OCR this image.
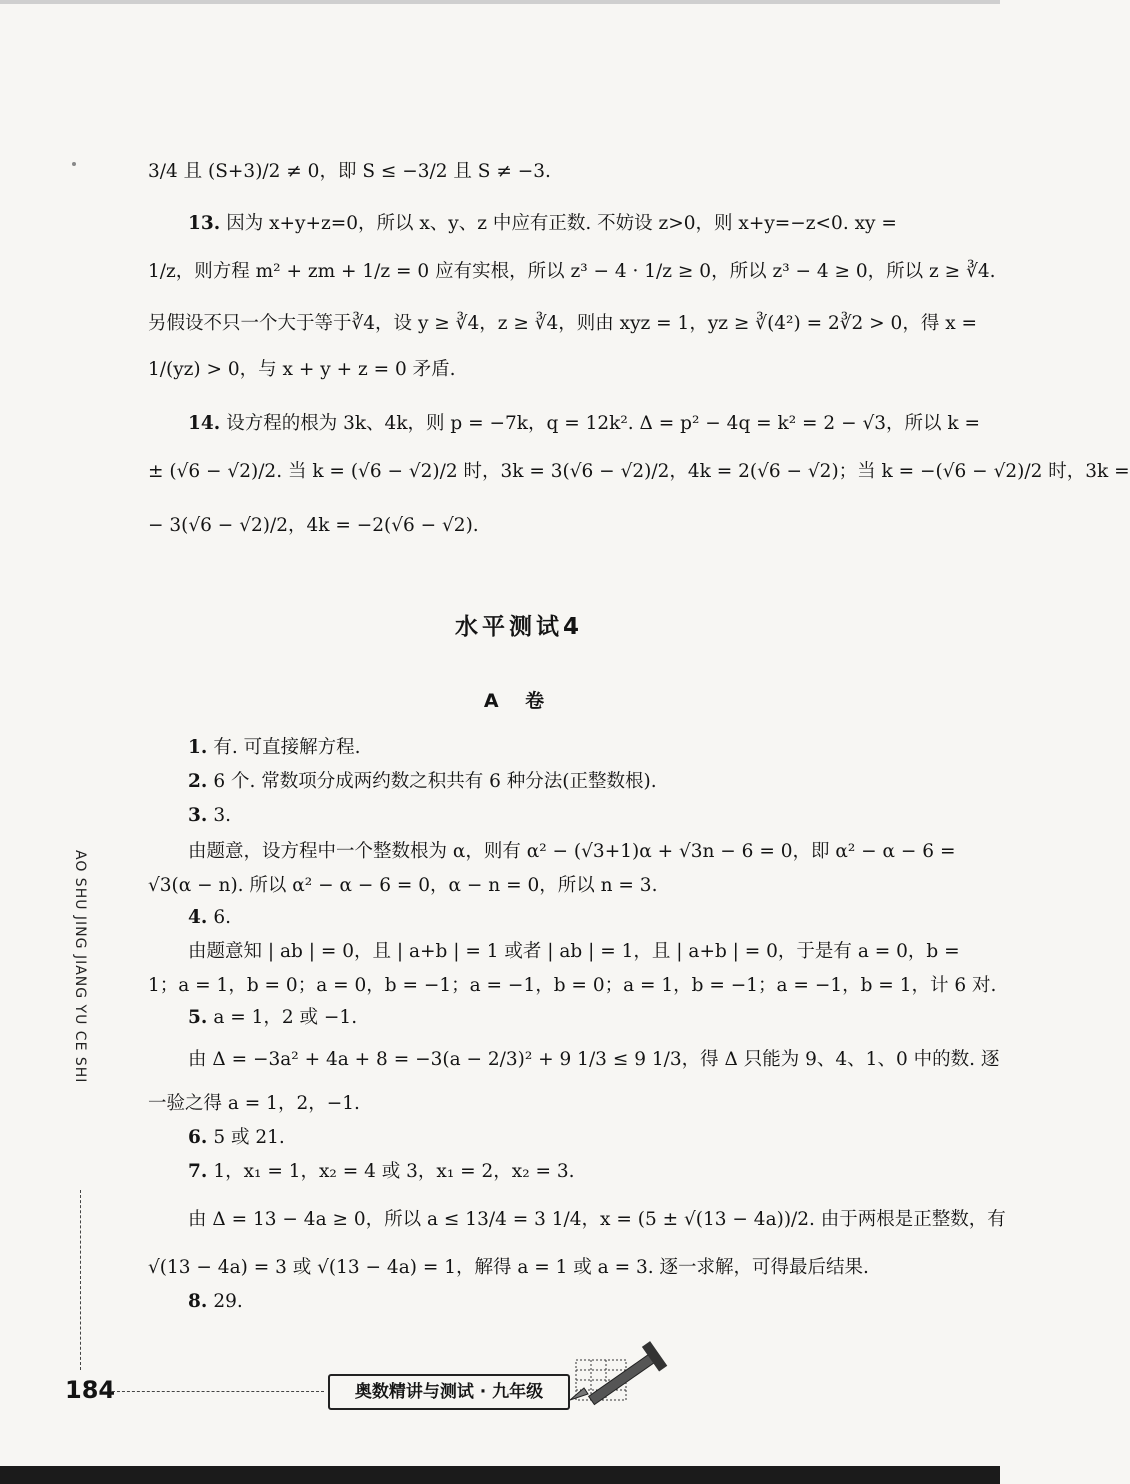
3/4 且 (S+3)/2 ≠ 0，即 S ≤ −3/2 且 S ≠ −3.
13. 因为 x+y+z=0，所以 x、y、z 中应有正数. 不妨设 z>0，则 x+y=−z<0. xy =
1/z，则方程 m² + zm + 1/z = 0 应有实根，所以 z³ − 4 · 1/z ≥ 0，所以 z³ − 4 ≥ 0，所以 z ≥ ∛4.
另假设不只一个大于等于∛4，设 y ≥ ∛4，z ≥ ∛4，则由 xyz = 1，yz ≥ ∛(4²) = 2∛2 > 0，得 x =
1/(yz) > 0，与 x + y + z = 0 矛盾.
14. 设方程的根为 3k、4k，则 p = −7k，q = 12k². Δ = p² − 4q = k² = 2 − √3，所以 k =
± (√6 − √2)/2. 当 k = (√6 − √2)/2 时，3k = 3(√6 − √2)/2，4k = 2(√6 − √2)；当 k = −(√6 − √2)/2 时，3k =
− 3(√6 − √2)/2，4k = −2(√6 − √2).
水平测试4
A 卷
1. 有. 可直接解方程.
2. 6 个. 常数项分成两约数之积共有 6 种分法(正整数根).
3. 3.
由题意，设方程中一个整数根为 α，则有 α² − (√3+1)α + √3n − 6 = 0，即 α² − α − 6 =
√3(α − n). 所以 α² − α − 6 = 0，α − n = 0，所以 n = 3.
4. 6.
由题意知 | ab | = 0，且 | a+b | = 1 或者 | ab | = 1，且 | a+b | = 0，于是有 a = 0，b =
1；a = 1，b = 0；a = 0，b = −1；a = −1，b = 0；a = 1，b = −1；a = −1，b = 1，计 6 对.
5. a = 1，2 或 −1.
由 Δ = −3a² + 4a + 8 = −3(a − 2/3)² + 9 1/3 ≤ 9 1/3，得 Δ 只能为 9、4、1、0 中的数. 逐
一验之得 a = 1，2，−1.
6. 5 或 21.
7. 1，x₁ = 1，x₂ = 4 或 3，x₁ = 2，x₂ = 3.
由 Δ = 13 − 4a ≥ 0，所以 a ≤ 13/4 = 3 1/4，x = (5 ± √(13 − 4a))/2. 由于两根是正整数，有
√(13 − 4a) = 3 或 √(13 − 4a) = 1，解得 a = 1 或 a = 3. 逐一求解，可得最后结果.
8. 29.
AO SHU JING JIANG YU CE SHI
184	奥数精讲与测试 · 九年级
